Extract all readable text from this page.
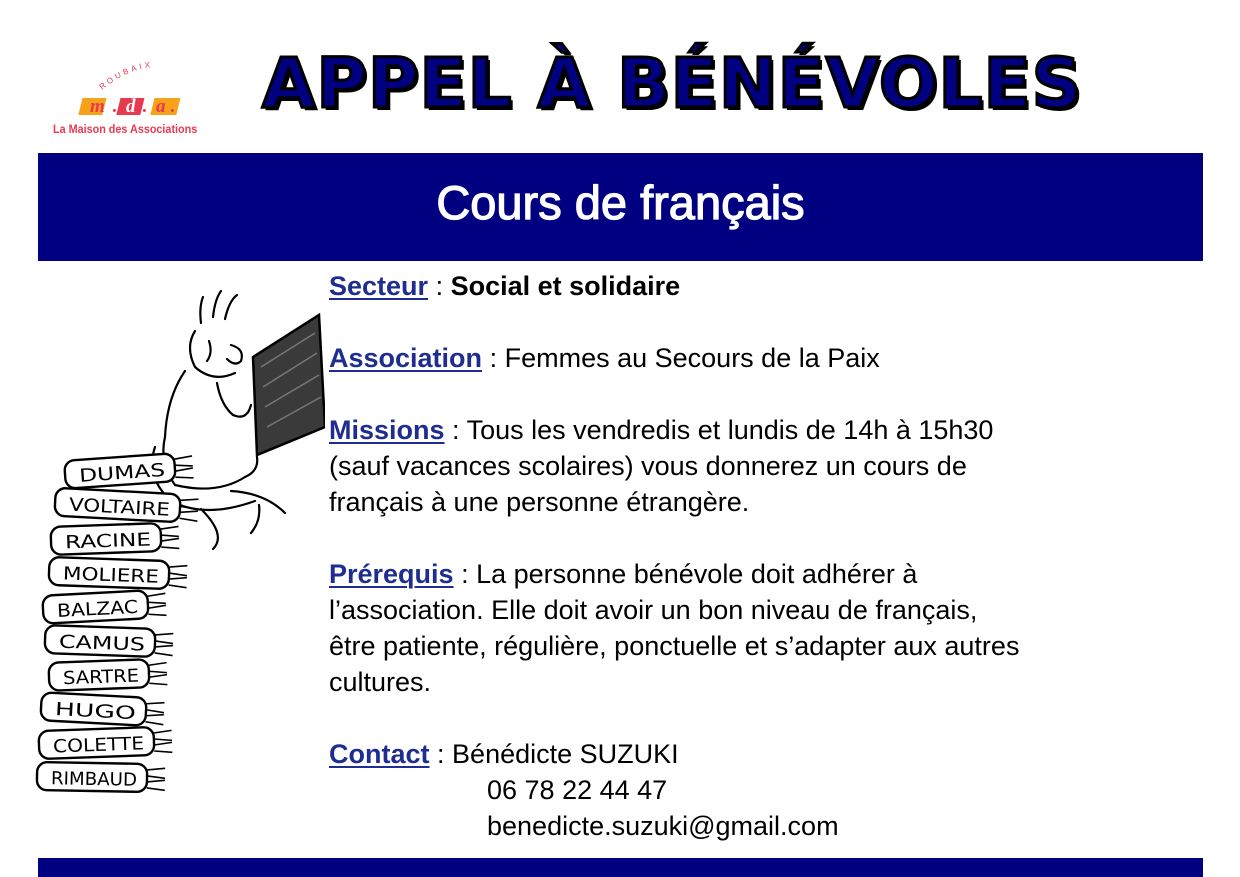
ROUBAIX
m . d . a .
La Maison des Associations
APPEL À BÉNÉVOLES
Cours de français
DUMAS
VOLTAIRE
RACINE
MOLIERE
BALZAC
CAMUS
SARTRE
HUGO
COLETTE
RIMBAUD

Secteur : Social et solidaire

Association : Femmes au Secours de la Paix

Missions : Tous les vendredis et lundis de 14h à 15h30
(sauf vacances scolaires) vous donnerez un cours de
français à une personne étrangère.

Prérequis : La personne bénévole doit adhérer à
l’association. Elle doit avoir un bon niveau de français,
être patiente, régulière, ponctuelle et s’adapter aux autres
cultures.

Contact : Bénédicte SUZUKI

06 78 22 44 47

benedicte.suzuki@gmail.com
